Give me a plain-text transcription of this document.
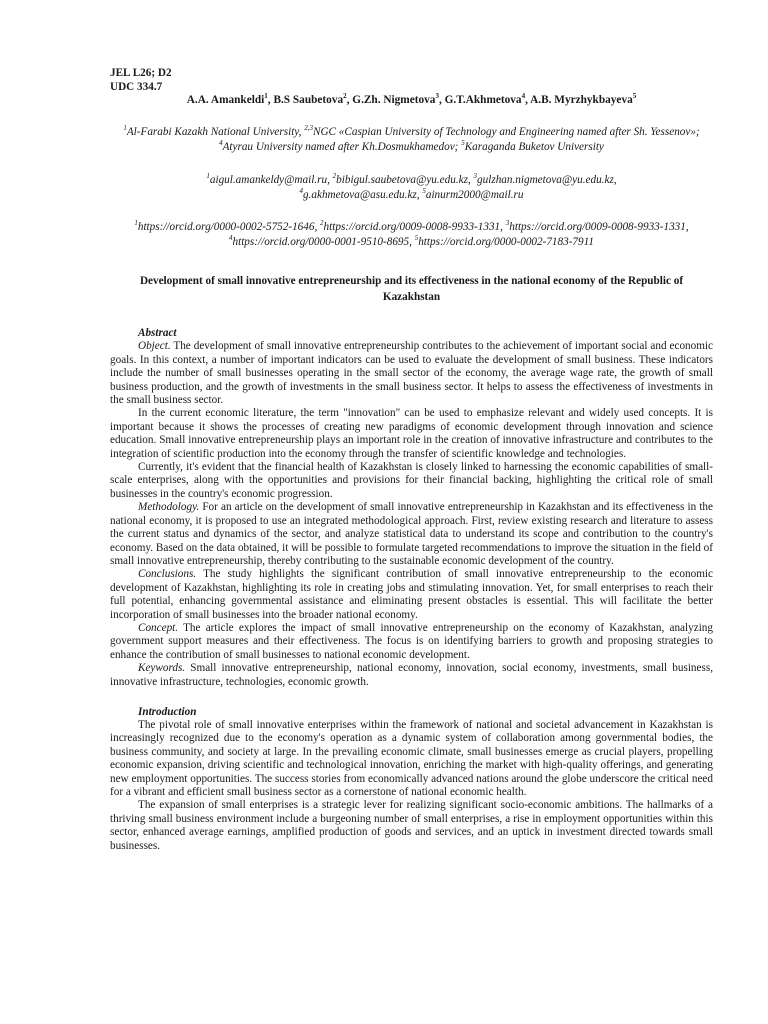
JEL L26; D2
UDC 334.7
A.A. Amankeldi$^1$, B.S Saubetova$^2$, G.Zh. Nigmetova$^3$, G.T.Akhmetova$^4$, A.B. Myrzhykbayeva$^5$
$^1$Al-Farabi Kazakh National University, $^{2,3}$NGC «Caspian University of Technology and Engineering named after Sh. Yessenov»; $^4$Atyrau University named after Kh.Dosmukhamedov; $^5$Karaganda Buketov University
$^1$aigul.amankeldy@mail.ru, $^2$bibigul.saubetova@yu.edu.kz, $^3$gulzhan.nigmetova@yu.edu.kz,
$^4$g.akhmetova@asu.edu.kz, $^5$ainurm2000@mail.ru
$^1$https://orcid.org/0000-0002-5752-1646, $^2$https://orcid.org/0009-0008-9933-1331, $^3$https://orcid.org/0009-0008-9933-1331, $^4$https://orcid.org/0000-0001-9510-8695, $^5$https://orcid.org/0000-0002-7183-7911
Development of small innovative entrepreneurship and its effectiveness in the national economy of the Republic of Kazakhstan
Abstract

Object. The development of small innovative entrepreneurship contributes to the achievement of important social and economic goals. In this context, a number of important indicators can be used to evaluate the development of small business. These indicators include the number of small businesses operating in the small sector of the economy, the average wage rate, the growth of small business production, and the growth of investments in the small business sector. It helps to assess the effectiveness of investments in the small business sector.

In the current economic literature, the term "innovation" can be used to emphasize relevant and widely used concepts. It is important because it shows the processes of creating new paradigms of economic development through innovation and science education. Small innovative entrepreneurship plays an important role in the creation of innovative infrastructure and contributes to the integration of scientific production into the economy through the transfer of scientific knowledge and technologies.

Currently, it's evident that the financial health of Kazakhstan is closely linked to harnessing the economic capabilities of small-scale enterprises, along with the opportunities and provisions for their financial backing, highlighting the critical role of small businesses in the country's economic progression.

Methodology. For an article on the development of small innovative entrepreneurship in Kazakhstan and its effectiveness in the national economy, it is proposed to use an integrated methodological approach. First, review existing research and literature to assess the current status and dynamics of the sector, and analyze statistical data to understand its scope and contribution to the country's economy. Based on the data obtained, it will be possible to formulate targeted recommendations to improve the situation in the field of small innovative entrepreneurship, thereby contributing to the sustainable economic development of the country.

Conclusions. The study highlights the significant contribution of small innovative entrepreneurship to the economic development of Kazakhstan, highlighting its role in creating jobs and stimulating innovation. Yet, for small enterprises to reach their full potential, enhancing governmental assistance and eliminating present obstacles is essential. This will facilitate the better incorporation of small businesses into the broader national economy.

Concept. The article explores the impact of small innovative entrepreneurship on the economy of Kazakhstan, analyzing government support measures and their effectiveness. The focus is on identifying barriers to growth and proposing strategies to enhance the contribution of small businesses to national economic development.

Keywords. Small innovative entrepreneurship, national economy, innovation, social economy, investments, small business, innovative infrastructure, technologies, economic growth.

Introduction

The pivotal role of small innovative enterprises within the framework of national and societal advancement in Kazakhstan is increasingly recognized due to the economy's operation as a dynamic system of collaboration among governmental bodies, the business community, and society at large. In the prevailing economic climate, small businesses emerge as crucial players, propelling economic expansion, driving scientific and technological innovation, enriching the market with high-quality offerings, and generating new employment opportunities. The success stories from economically advanced nations around the globe underscore the critical need for a vibrant and efficient small business sector as a cornerstone of national economic health.

The expansion of small enterprises is a strategic lever for realizing significant socio-economic ambitions. The hallmarks of a thriving small business environment include a burgeoning number of small enterprises, a rise in employment opportunities within this sector, enhanced average earnings, amplified production of goods and services, and an uptick in investment directed towards small businesses.
